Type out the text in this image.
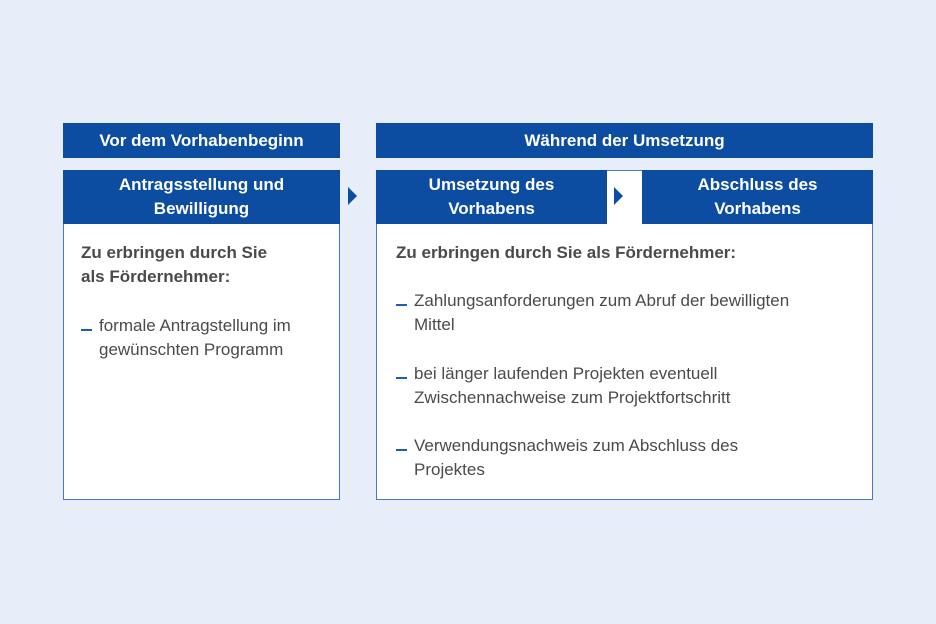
Vor dem Vorhabenbeginn	Während der Umsetzung
Antragsstellung und
Bewilligung
Zu erbringen durch Sie
als Fördernehmer:
formale Antragstellung im
gewünschten Programm
Umsetzung des
Vorhabens
Abschluss des
Vorhabens
Zu erbringen durch Sie als Fördernehmer:
Zahlungsanforderungen zum Abruf der bewilligten
Mittel
bei länger laufenden Projekten eventuell
Zwischennachweise zum Projektfortschritt
Verwendungsnachweis zum Abschluss des
Projektes
